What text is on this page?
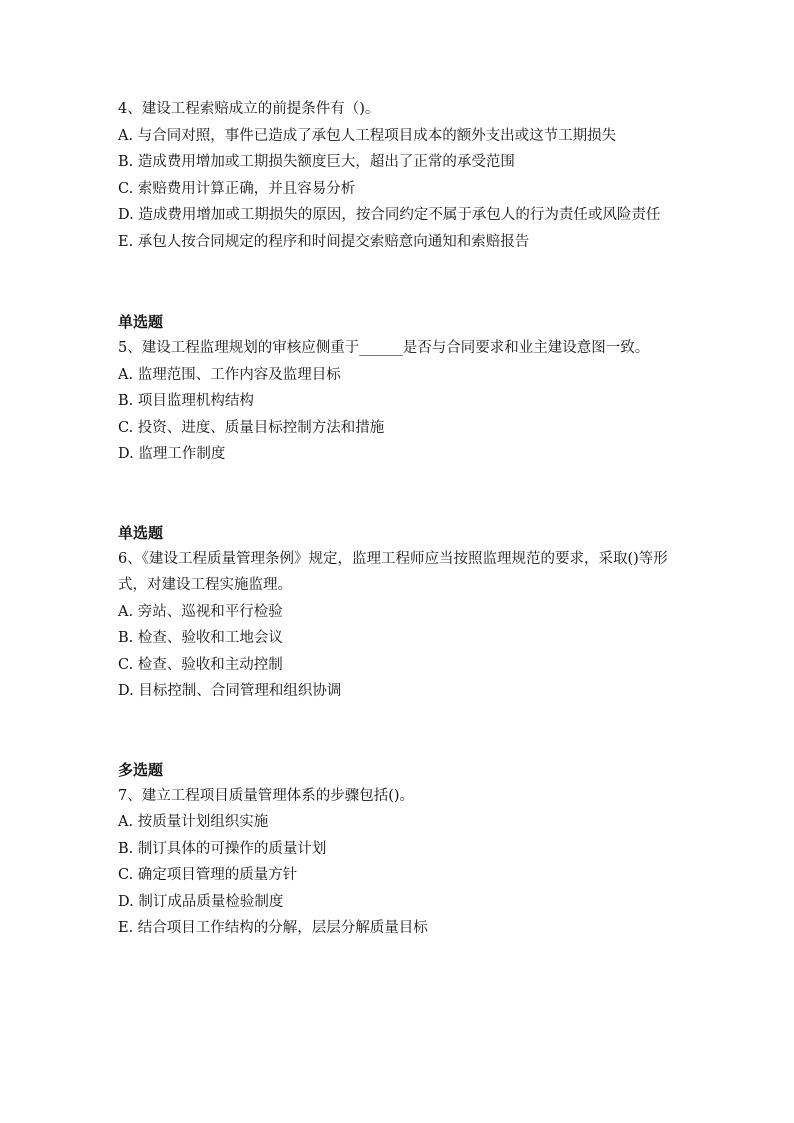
4、建设工程索赔成立的前提条件有（)。

A. 与合同对照，事件已造成了承包人工程项目成本的额外支出或这节工期损失

B. 造成费用增加或工期损失额度巨大，超出了正常的承受范围

C. 索赔费用计算正确，并且容易分析

D. 造成费用增加或工期损失的原因，按合同约定不属于承包人的行为责任或风险责任

E. 承包人按合同规定的程序和时间提交索赔意向通知和索赔报告

单选题

5、建设工程监理规划的审核应侧重于______是否与合同要求和业主建设意图一致。

A. 监理范围、工作内容及监理目标

B. 项目监理机构结构

C. 投资、进度、质量目标控制方法和措施

D. 监理工作制度

单选题

6、《建设工程质量管理条例》规定，监理工程师应当按照监理规范的要求，采取()等形式，对建设工程实施监理。

A. 旁站、巡视和平行检验

B. 检查、验收和工地会议

C. 检查、验收和主动控制

D. 目标控制、合同管理和组织协调

多选题

7、建立工程项目质量管理体系的步骤包括()。

A. 按质量计划组织实施

B. 制订具体的可操作的质量计划

C. 确定项目管理的质量方针

D. 制订成品质量检验制度

E. 结合项目工作结构的分解，层层分解质量目标
